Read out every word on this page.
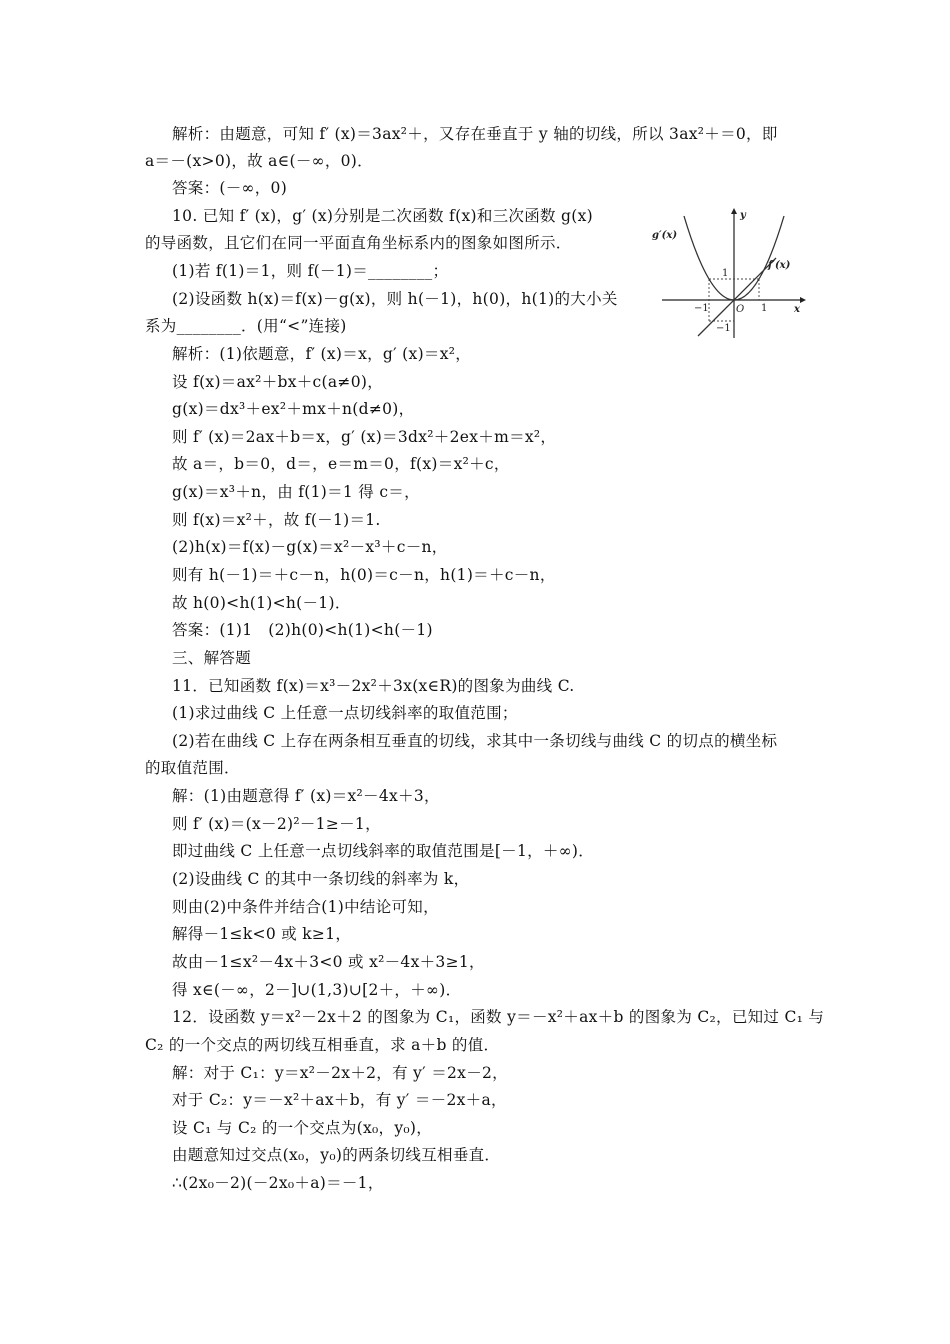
解析：由题意，可知 f′ (x)＝3ax²＋，又存在垂直于 y 轴的切线，所以 3ax²＋＝0，即
a＝－(x>0)，故 a∈(－∞，0)．
答案：(－∞，0)
10. 已知 f′ (x)，g′ (x)分别是二次函数 f(x)和三次函数 g(x)
的导函数，且它们在同一平面直角坐标系内的图象如图所示．
(1)若 f(1)＝1，则 f(－1)＝________；
(2)设函数 h(x)＝f(x)－g(x)，则 h(－1)，h(0)，h(1)的大小关
系为________．(用“<”连接)
解析：(1)依题意，f′ (x)＝x，g′ (x)＝x²，
设 f(x)＝ax²＋bx＋c(a≠0)，
g(x)＝dx³＋ex²＋mx＋n(d≠0)，
则 f′ (x)＝2ax＋b＝x，g′ (x)＝3dx²＋2ex＋m＝x²，
故 a＝，b＝0，d＝，e＝m＝0，f(x)＝x²＋c，
g(x)＝x³＋n，由 f(1)＝1 得 c＝，
则 f(x)＝x²＋，故 f(－1)＝1.
(2)h(x)＝f(x)－g(x)＝x²－x³＋c－n，
则有 h(－1)＝＋c－n，h(0)＝c－n，h(1)＝＋c－n，
故 h(0)<h(1)<h(－1)．
答案：(1)1　(2)h(0)<h(1)<h(－1)
三、解答题
11．已知函数 f(x)＝x³－2x²＋3x(x∈R)的图象为曲线 C.
(1)求过曲线 C 上任意一点切线斜率的取值范围；
(2)若在曲线 C 上存在两条相互垂直的切线，求其中一条切线与曲线 C 的切点的横坐标
的取值范围．
解：(1)由题意得 f′ (x)＝x²－4x＋3，
则 f′ (x)＝(x－2)²－1≥－1，
即过曲线 C 上任意一点切线斜率的取值范围是[－1，＋∞)．
(2)设曲线 C 的其中一条切线的斜率为 k，
则由(2)中条件并结合(1)中结论可知，
解得－1≤k<0 或 k≥1，
故由－1≤x²－4x＋3<0 或 x²－4x＋3≥1，
得 x∈(－∞，2－]∪(1,3)∪[2＋，＋∞)．
12．设函数 y＝x²－2x＋2 的图象为 C₁，函数 y＝－x²＋ax＋b 的图象为 C₂，已知过 C₁ 与
C₂ 的一个交点的两切线互相垂直，求 a＋b 的值．
解：对于 C₁：y＝x²－2x＋2，有 y′ ＝2x－2，
对于 C₂：y＝－x²＋ax＋b，有 y′ ＝－2x＋a，
设 C₁ 与 C₂ 的一个交点为(x₀，y₀)，
由题意知过交点(x₀，y₀)的两条切线互相垂直．
∴(2x₀－2)(－2x₀＋a)＝－1，
g′(x)
f′(x)
x
y
O
1
1
−1
−1
